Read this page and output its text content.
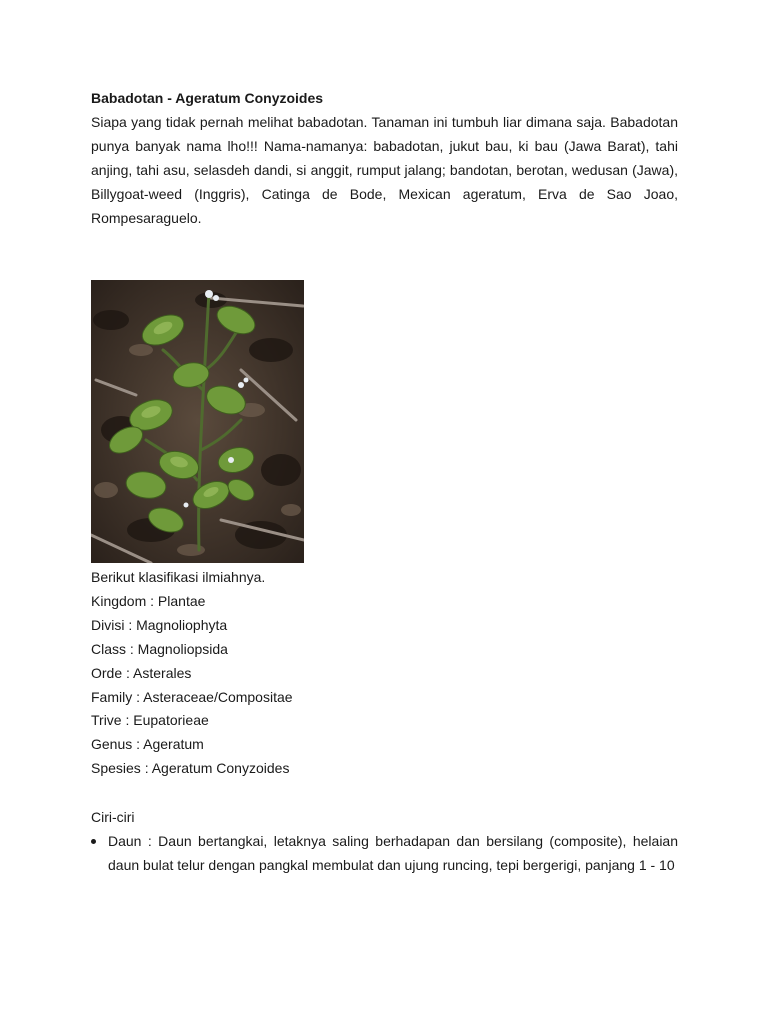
Babadotan - Ageratum Conyzoides
Siapa yang tidak pernah melihat babadotan. Tanaman ini tumbuh liar dimana saja. Babadotan punya banyak nama lho!!! Nama-namanya: babadotan, jukut bau, ki bau (Jawa Barat), tahi anjing, tahi asu, selasdeh dandi, si anggit, rumput jalang; bandotan, berotan, wedusan (Jawa), Billygoat-weed (Inggris), Catinga de Bode, Mexican ageratum, Erva de Sao Joao, Rompesaraguelo.
Berikut klasifikasi ilmiahnya.
Kingdom : Plantae
Divisi : Magnoliophyta
Class : Magnoliopsida
Orde : Asterales
Family : Asteraceae/Compositae
Trive : Eupatorieae
Genus : Ageratum
Spesies : Ageratum Conyzoides
Ciri-ciri
Daun : Daun bertangkai, letaknya saling berhadapan dan bersilang (composite), helaian daun bulat telur dengan pangkal membulat dan ujung runcing, tepi bergerigi, panjang 1 - 10
